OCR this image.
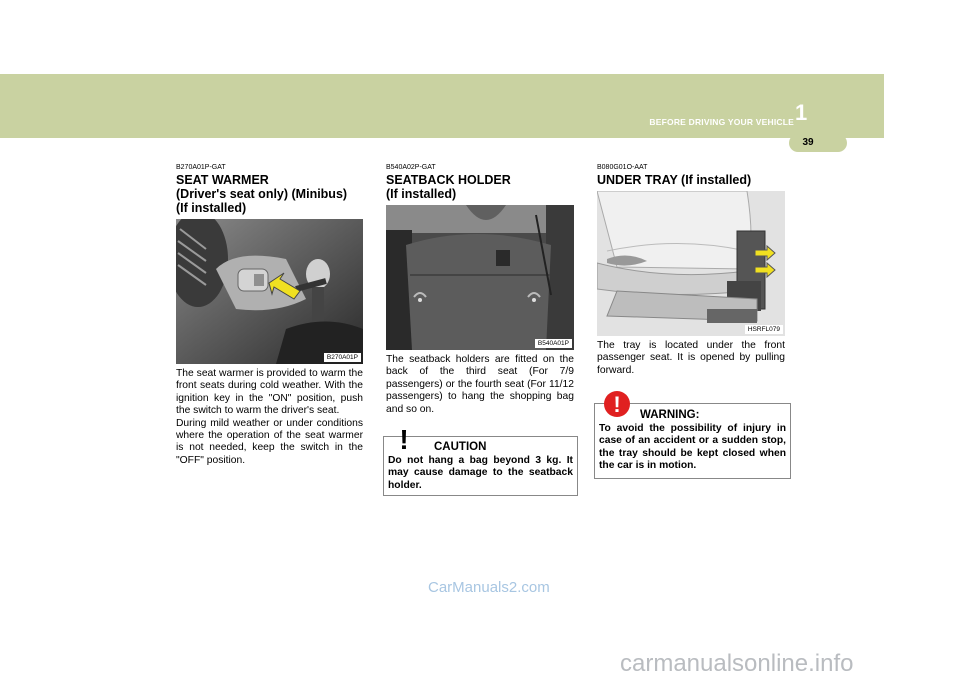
BEFORE DRIVING YOUR VEHICLE 1
39
B270A01P-GAT
SEAT WARMER
(Driver's seat only) (Minibus)
(If installed)
B270A01P
The seat warmer is provided to warm the front seats during cold weather. With the ignition key in the "ON" position, push the switch to warm the driver's seat.
During mild weather or under conditions where the operation of the seat warmer is not needed, keep the switch in the "OFF" position.
B540A02P-GAT
SEATBACK HOLDER
(If installed)
B540A01P
The seatback holders are fitted on the back of the third seat (For 7/9 passengers) or the fourth seat (For 11/12 passengers) to hang the shopping bag and so on.
! CAUTION
Do not hang a bag beyond 3 kg. It may cause damage to the seatback holder.
B080G01O-AAT
UNDER TRAY (If installed)
HSRFL079
The tray is located under the front passenger seat. It is opened by pulling forward.
! WARNING:
To avoid the possibility of injury in case of an accident or a sudden stop, the tray should be kept closed when the car is in motion.
CarManuals2.com
carmanualsonline.info
